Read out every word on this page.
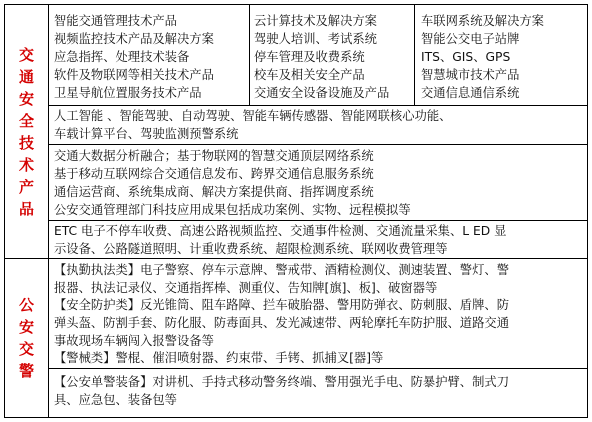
交
通
安
全
技
术
产
品
公
安
交
警
智能交通管理技术产品
视频监控技术产品及解决方案
应急指挥、处理技术装备
软件及物联网等相关技术产品
卫星导航位置服务技术产品
云计算技术及解决方案
驾驶人培训、考试系统
停车管理及收费系统
校车及相关安全产品
交通安全设备设施及产品
车联网系统及解决方案
智能公交电子站牌
ITS、GIS、GPS
智慧城市技术产品
交通信息通信系统
人工智能 、智能驾驶、自动驾驶、智能车辆传感器、智能网联核心功能、
车载计算平台、驾驶监测预警系统
交通大数据分析融合；基于物联网的智慧交通顶层网络系统
基于移动互联网综合交通信息发布、跨界交通信息服务系统
通信运营商、系统集成商、解决方案提供商、指挥调度系统
公安交通管理部门科技应用成果包括成功案例、实物、远程模拟等
ETC 电子不停车收费、高速公路视频监控、交通事件检测、交通流量采集、L ED 显
示设备、公路隧道照明、计重收费系统、超限检测系统、联网收费管理等
【执勤执法类】电子警察、停车示意牌、警戒带、酒精检测仪、测速装置、警灯、警
报器、执法记录仪、交通指挥棒、测重仪、告知牌[旗]、板]、破窗器等
【安全防护类】反光锥筒、阻车路障、拦车破胎器、警用防弹衣、防刺服、盾牌、防
弹头盔、防割手套、防化服、防毒面具、发光减速带、两轮摩托车防护服、道路交通
事故现场车辆闯入报警设备等
【警械类】警棍、催泪喷射器、约束带、手铐、抓捕叉[器]等
【公安单警装备】对讲机、手持式移动警务终端、警用强光手电、防暴护臂、制式刀
具、应急包、装备包等
